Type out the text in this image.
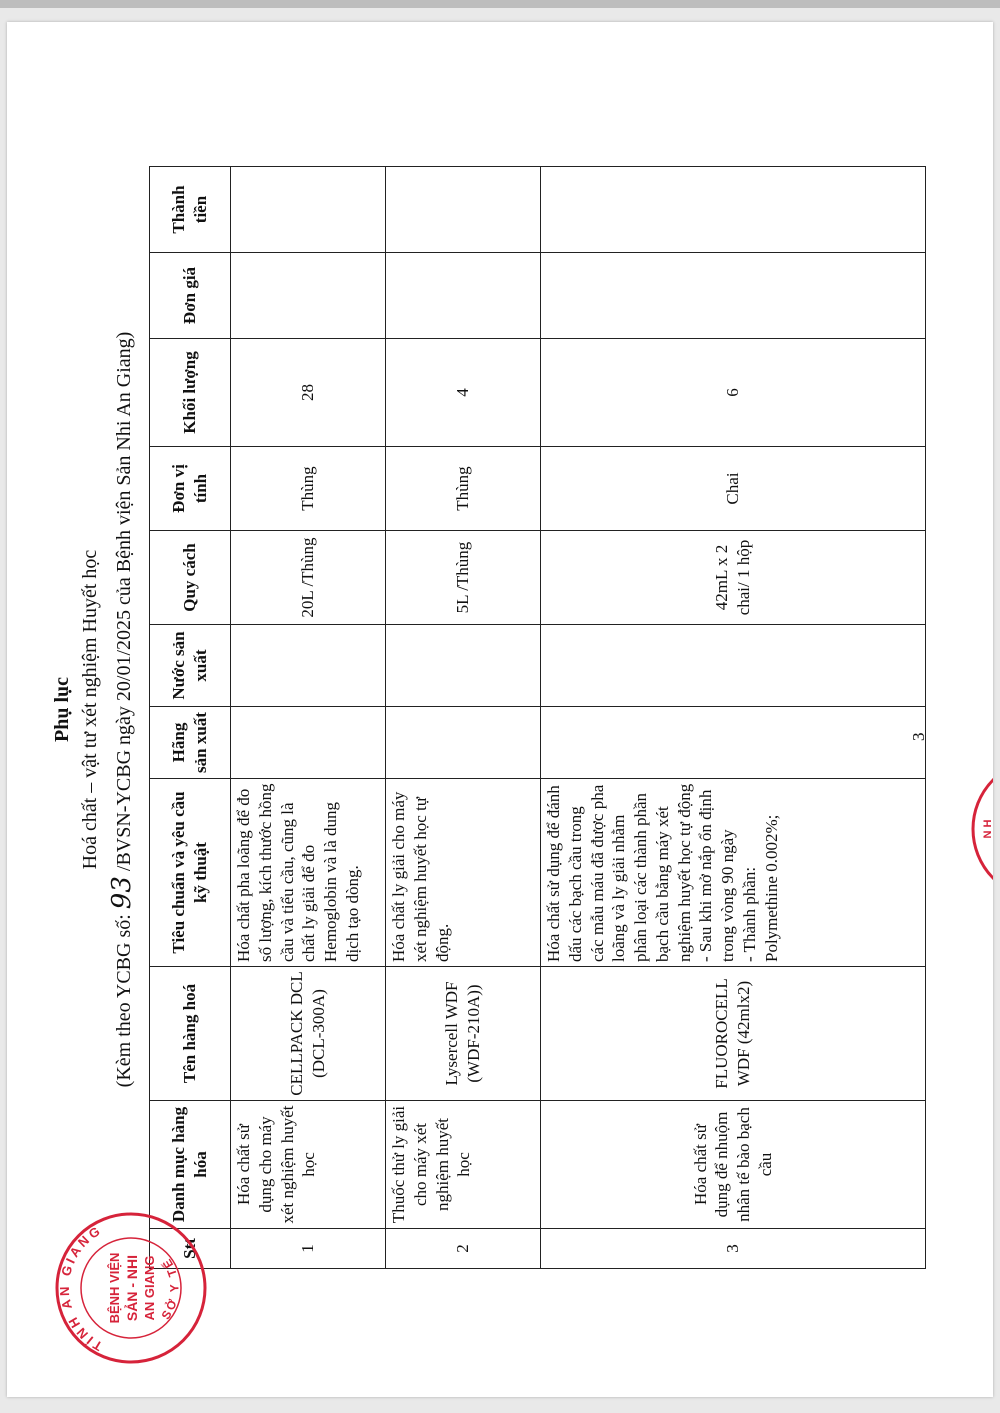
Phụ lục Hoá chất – vật tư xét nghiệm Huyết học
(Kèm theo YCBG số: 93 /BVSN-YCBG ngày 20/01/2025 của Bệnh viện Sản Nhi An Giang)
Stt	Danh mục hàng hóa	Tên hàng hoá	Tiêu chuẩn và yêu cầu kỹ thuật	Hãng sản xuất	Nước sản xuất	Quy cách	Đơn vị tính	Khối lượng	Đơn giá	Thành tiền
1	Hóa chất sử dụng cho máy xét nghiệm huyết học	CELLPACK DCL (DCL-300A)	Hóa chất pha loãng để đo số lượng, kích thước hồng cầu và tiểu cầu, cũng là chất ly giải để đo Hemoglobin và là dung dịch tạo dòng.			20L /Thùng	Thùng	28		
2	Thuốc thử ly giải cho máy xét nghiệm huyết học	Lysercell WDF (WDF-210A))	Hóa chất ly giải cho máy xét nghiệm huyết học tự động.			5L /Thùng	Thùng	4		
3	Hóa chất sử dụng để nhuộm nhân tế bào bạch cầu	FLUOROCELL WDF (42mlx2)	Hóa chất sử dụng để đánh dấu các bạch cầu trong các mẫu máu đã được pha loãng và ly giải nhằm phân loại các thành phần bạch cầu bằng máy xét nghiệm huyết học tự động - Sau khi mở nắp ổn định trong vòng 90 ngày - Thành phần: Polymethine 0.002%;			42mL x 2 chai/ 1 hộp	Chai	6		
3
TỈNH AN GIANG
SỞ Y TẾ
BỆNH VIỆN SẢN - NHI AN GIANG
N H
